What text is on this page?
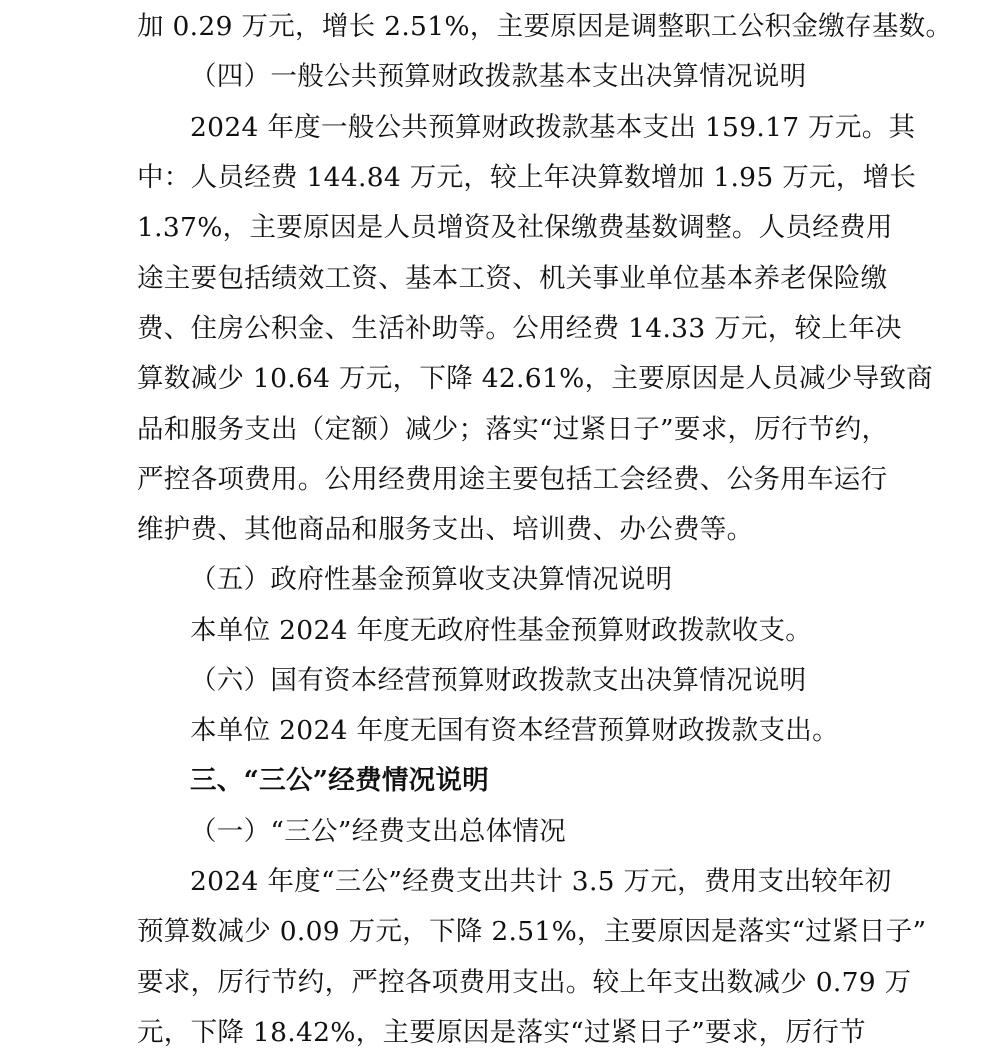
加 0.29 万元，增长 2.51%，主要原因是调整职工公积金缴存基数。
（四）一般公共预算财政拨款基本支出决算情况说明
2024 年度一般公共预算财政拨款基本支出 159.17 万元。其
中：人员经费 144.84 万元，较上年决算数增加 1.95 万元，增长
1.37%，主要原因是人员增资及社保缴费基数调整。人员经费用
途主要包括绩效工资、基本工资、机关事业单位基本养老保险缴
费、住房公积金、生活补助等。公用经费 14.33 万元，较上年决
算数减少 10.64 万元，下降 42.61%，主要原因是人员减少导致商
品和服务支出（定额）减少；落实“过紧日子”要求，厉行节约，
严控各项费用。公用经费用途主要包括工会经费、公务用车运行
维护费、其他商品和服务支出、培训费、办公费等。
（五）政府性基金预算收支决算情况说明
本单位 2024 年度无政府性基金预算财政拨款收支。
（六）国有资本经营预算财政拨款支出决算情况说明
本单位 2024 年度无国有资本经营预算财政拨款支出。
三、“三公”经费情况说明
（一）“三公”经费支出总体情况
2024 年度“三公”经费支出共计 3.5 万元，费用支出较年初
预算数减少 0.09 万元，下降 2.51%，主要原因是落实“过紧日子”
要求，厉行节约，严控各项费用支出。较上年支出数减少 0.79 万
元，下降 18.42%，主要原因是落实“过紧日子”要求，厉行节
